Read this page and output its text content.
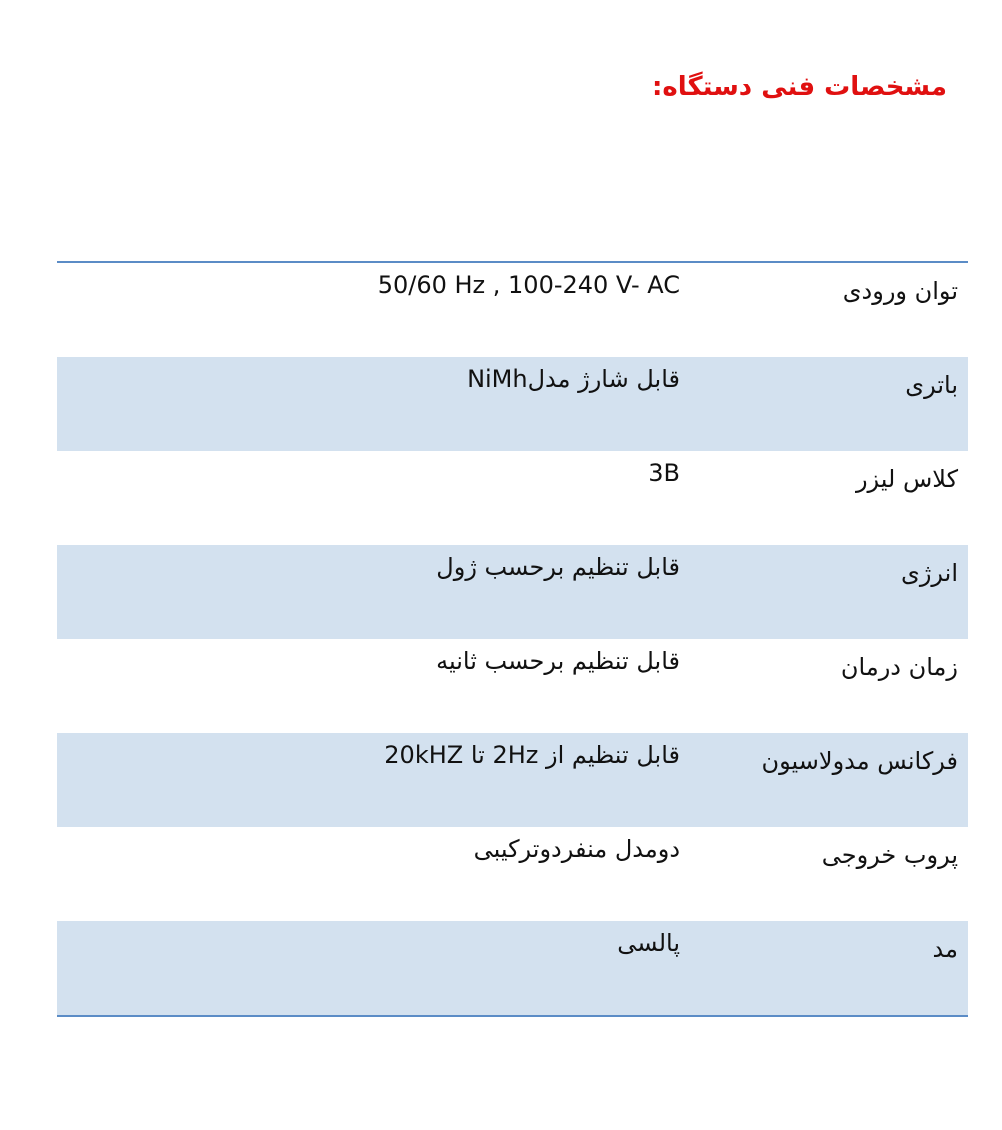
مشخصات فنی دستگاه:
توان ورودی
50/60 Hz , 100-240 V- AC
باتری
قابل شارژ مدلNiMh
کلاس لیزر
3B
انرژی
قابل تنظیم برحسب ژول
زمان درمان
قابل تنظیم برحسب ثانیه
فرکانس مدولاسیون
قابل تنظیم از 2Hz تا 20kHZ
پروب خروجی
دومدل منفردوترکیبی
مد
پالسی
